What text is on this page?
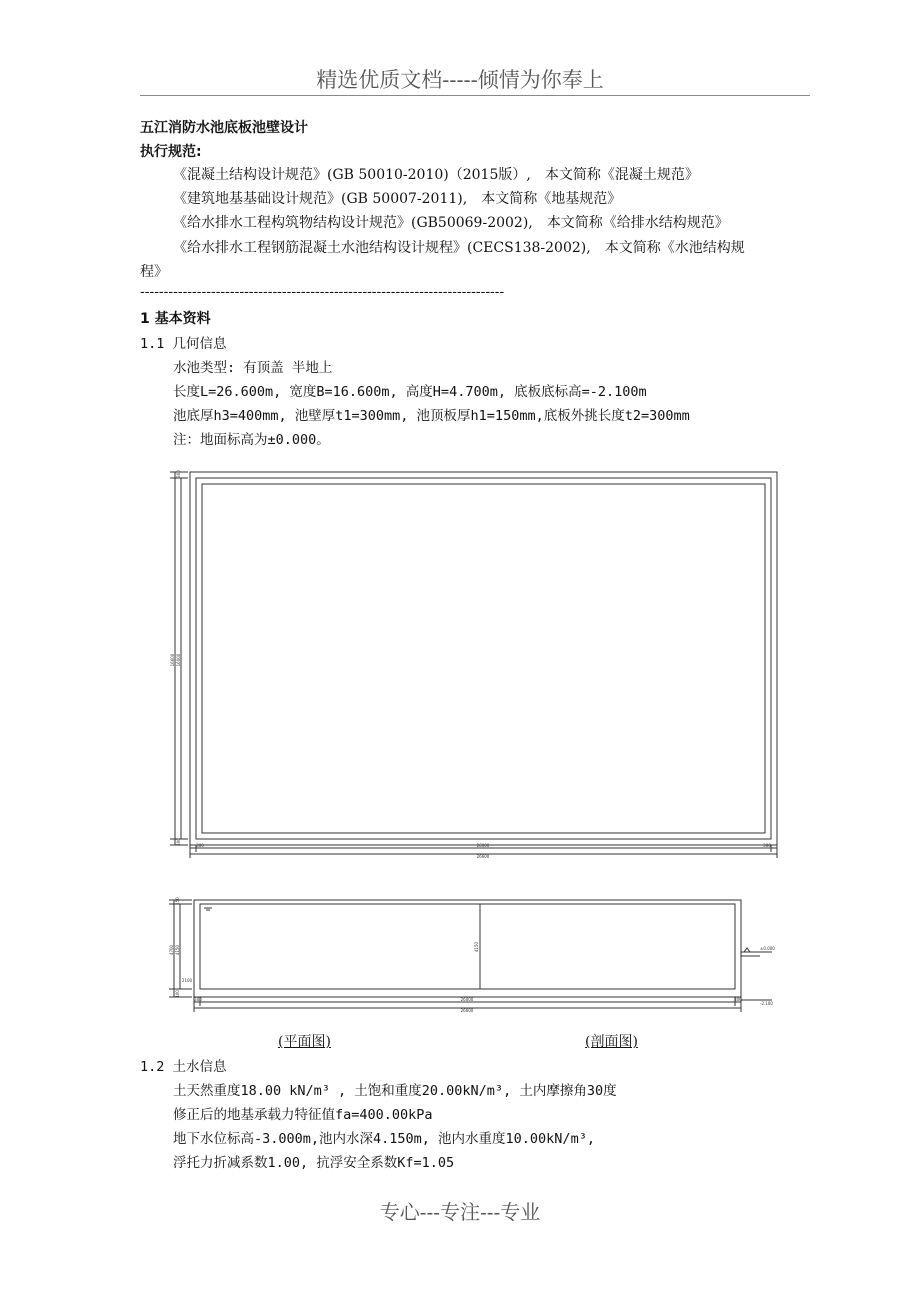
精选优质文档-----倾情为你奉上
五江消防水池底板池壁设计
执行规范:
《混凝土结构设计规范》(GB 50010-2010)（2015版）,　本文简称《混凝土规范》
《建筑地基基础设计规范》(GB 50007-2011),　本文简称《地基规范》
《给水排水工程构筑物结构设计规范》(GB50069-2002),　本文简称《给排水结构规范》
《给水排水工程钢筋混凝土水池结构设计规程》(CECS138-2002),　本文简称《水池结构规
程》
-----------------------------------------------------------------------------
1 基本资料
1.1 几何信息
水池类型: 有顶盖 半地上
长度L=26.600m, 宽度B=16.600m, 高度H=4.700m, 底板底标高=-2.100m
池底厚h3=400mm, 池壁厚t1=300mm, 池顶板厚h1=150mm,底板外挑长度t2=300mm
注：地面标高为±0.000。
16600 16000
300
300	26000
26600
300	300
4700 4150
150
2100
400
4150	±0.000
-2.100
26000
26600
300	300
(平面图)	(剖面图)
1.2 土水信息
土天然重度18.00 kN/m³ , 土饱和重度20.00kN/m³, 土内摩擦角30度
修正后的地基承载力特征值fa=400.00kPa
地下水位标高-3.000m,池内水深4.150m, 池内水重度10.00kN/m³,
浮托力折减系数1.00, 抗浮安全系数Kf=1.05
专心---专注---专业
